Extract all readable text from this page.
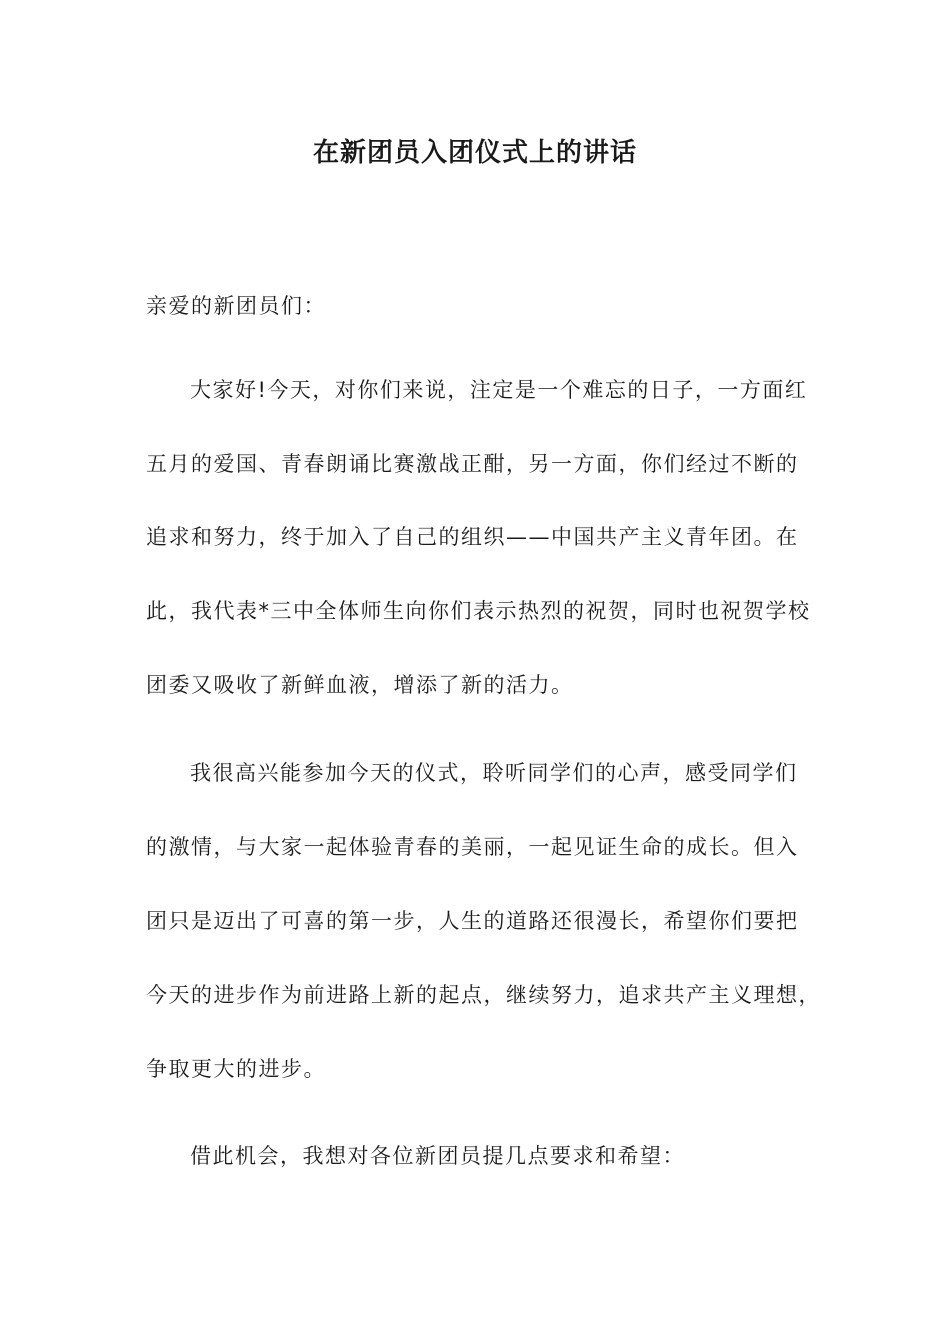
在新团员入团仪式上的讲话
亲爱的新团员们：
大家好!今天，对你们来说，注定是一个难忘的日子，一方面红
五月的爱国、青春朗诵比赛激战正酣，另一方面，你们经过不断的
追求和努力，终于加入了自己的组织——中国共产主义青年团。在
此，我代表*三中全体师生向你们表示热烈的祝贺，同时也祝贺学校
团委又吸收了新鲜血液，增添了新的活力。
我很高兴能参加今天的仪式，聆听同学们的心声，感受同学们
的激情，与大家一起体验青春的美丽，一起见证生命的成长。但入
团只是迈出了可喜的第一步，人生的道路还很漫长，希望你们要把
今天的进步作为前进路上新的起点，继续努力，追求共产主义理想，
争取更大的进步。
借此机会，我想对各位新团员提几点要求和希望：
